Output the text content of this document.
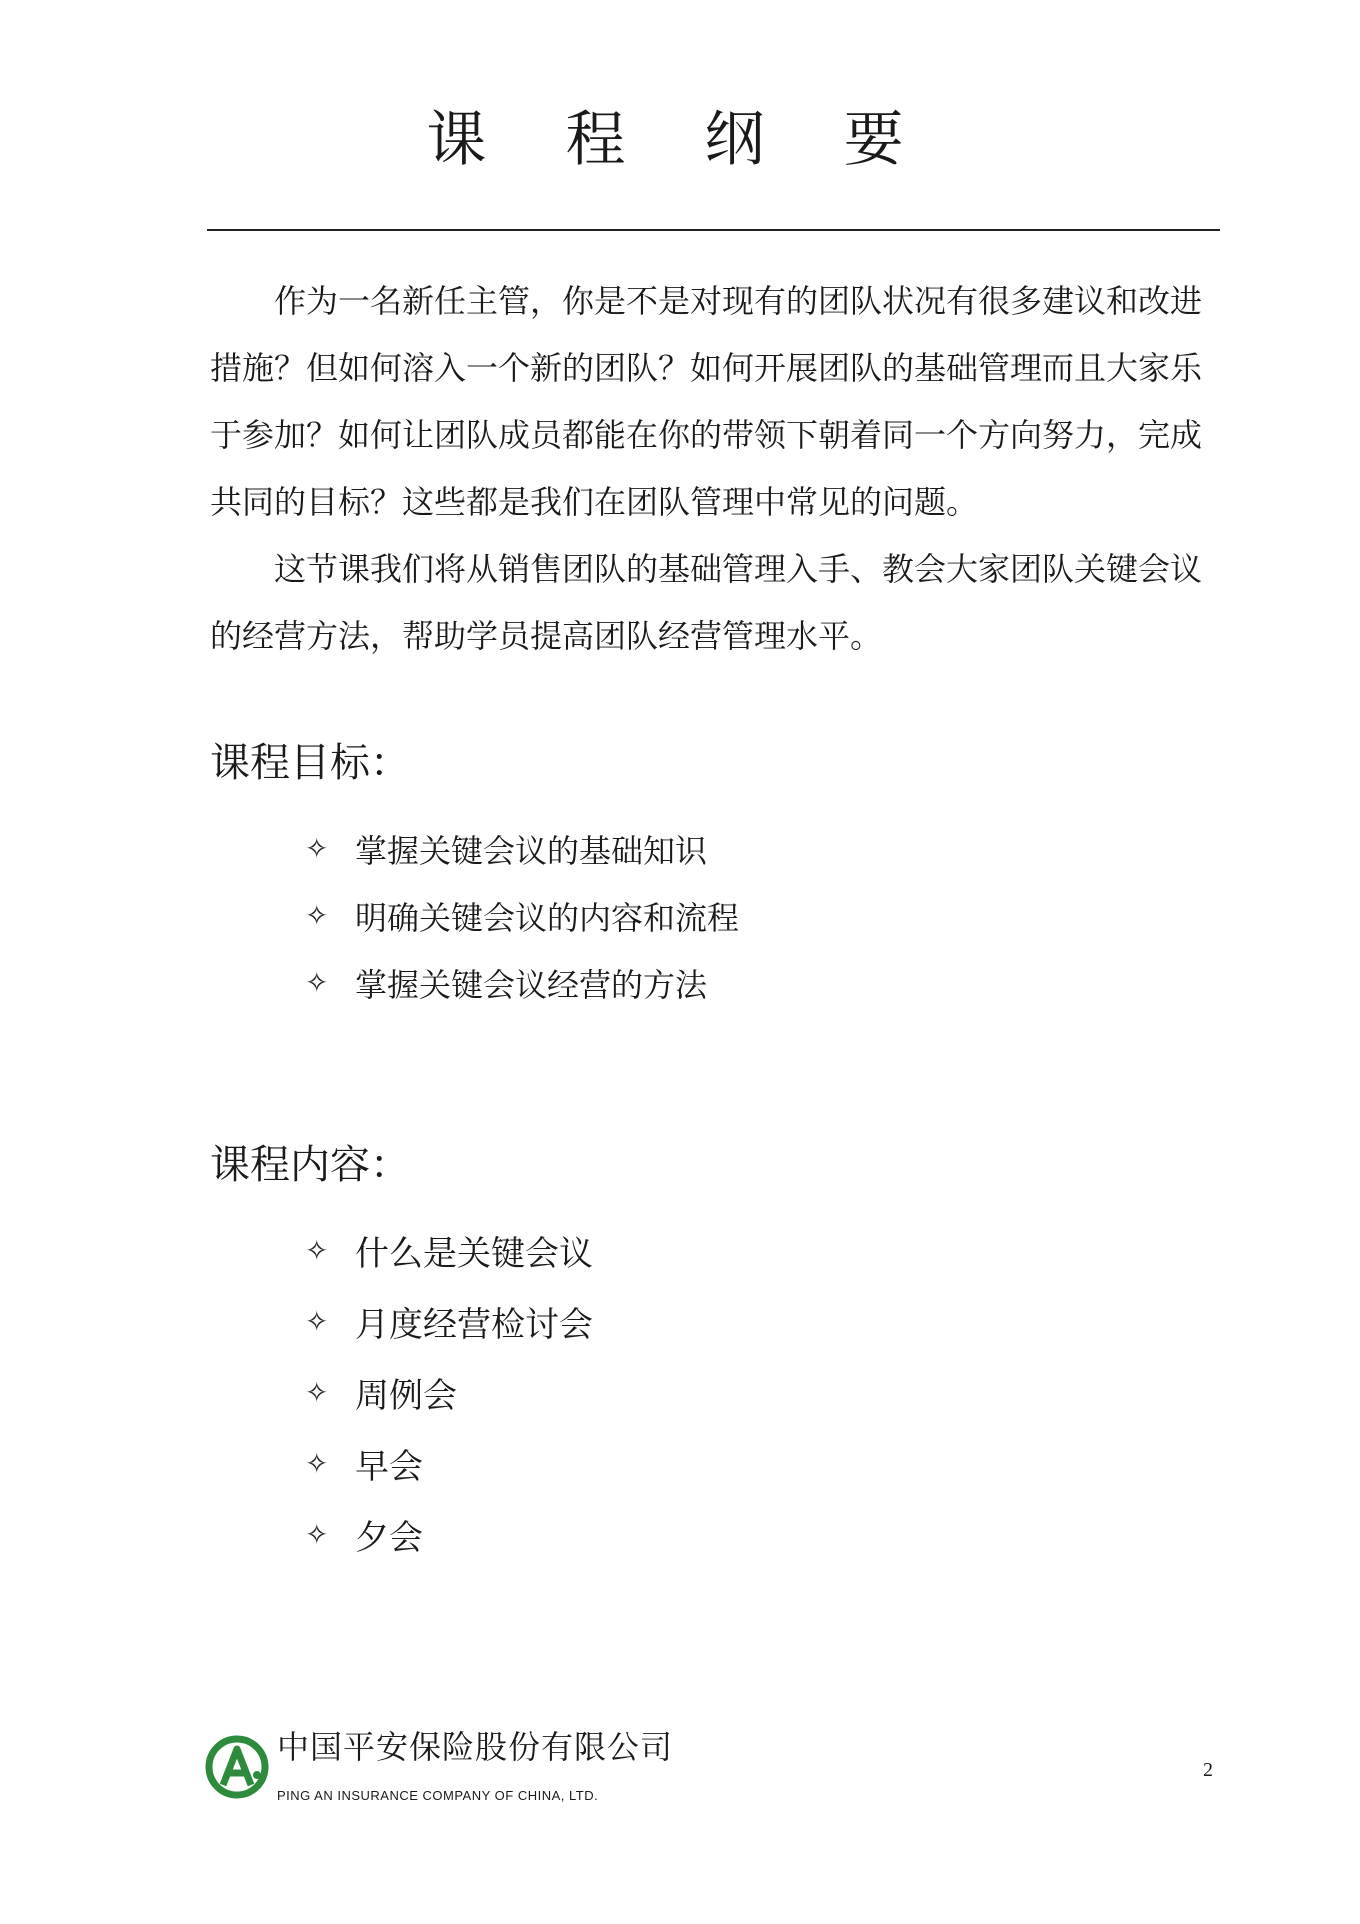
课 程 纲 要

作为一名新任主管，你是不是对现有的团队状况有很多建议和改进措施？但如何溶入一个新的团队？如何开展团队的基础管理而且大家乐于参加？如何让团队成员都能在你的带领下朝着同一个方向努力，完成共同的目标？这些都是我们在团队管理中常见的问题。

这节课我们将从销售团队的基础管理入手、教会大家团队关键会议的经营方法，帮助学员提高团队经营管理水平。

课程目标：
✧ 掌握关键会议的基础知识
✧ 明确关键会议的内容和流程
✧ 掌握关键会议经营的方法
课程内容：
✧ 什么是关键会议
✧ 月度经营检讨会
✧ 周例会
✧ 早会
✧ 夕会
中国平安保险股份有限公司
PING AN INSURANCE COMPANY OF CHINA, LTD.
2
